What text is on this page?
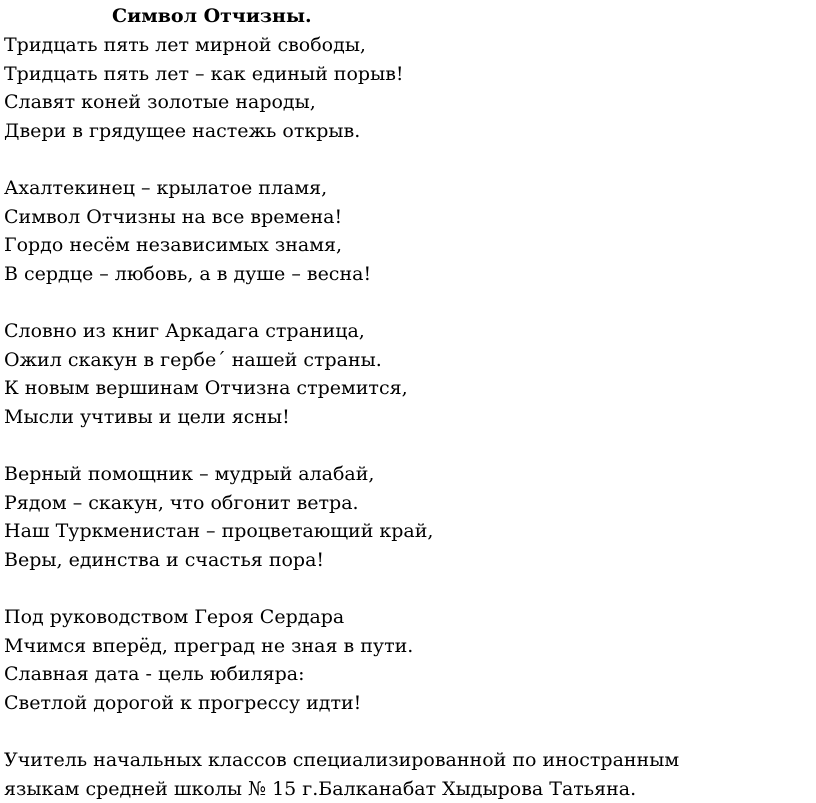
Символ Отчизны.

Тридцать пять лет мирной свободы,
Тридцать пять лет – как единый порыв!
Славят коней золотые народы,
Двери в грядущее настежь открыв.
Ахалтекинец – крылатое пламя,
Символ Отчизны на все времена!
Гордо несём независимых знамя,
В сердце – любовь, а в душе – весна!
Словно из книг Аркадага страница,
Ожил скакун в гербе´ нашей страны.
К новым вершинам Отчизна стремится,
Мысли учтивы и цели ясны!
Верный помощник – мудрый алабай,
Рядом – скакун, что обгонит ветра.
Наш Туркменистан – процветающий край,
Веры, единства и счастья пора!
Под руководством Героя Сердара
Мчимся вперёд, преград не зная в пути.
Славная дата - цель юбиляра:
Светлой дорогой к прогрессу идти!
Учитель начальных классов специализированной по иностранным
языкам средней школы № 15 г.Балканабат Хыдырова Татьяна.
